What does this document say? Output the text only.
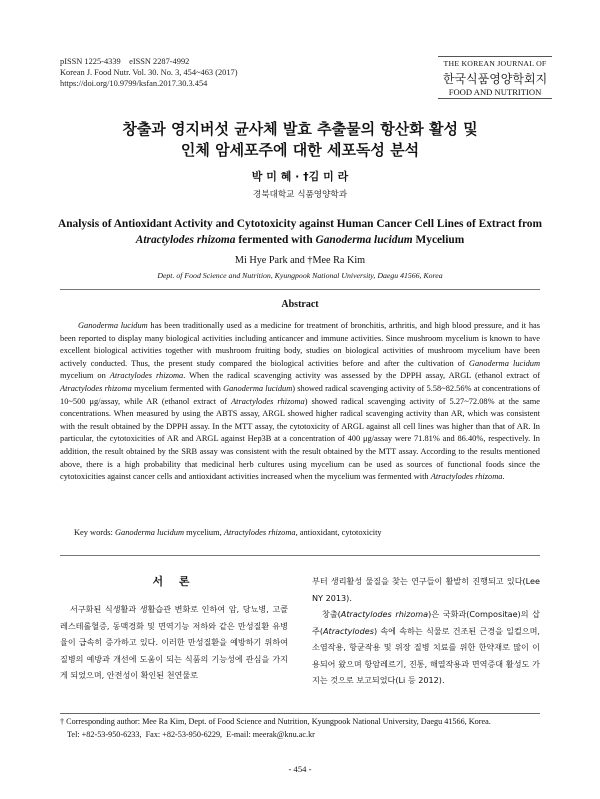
pISSN 1225-4339    eISSN 2287-4992
Korean J. Food Nutr. Vol. 30. No. 3, 454~463 (2017)
https://doi.org/10.9799/ksfan.2017.30.3.454
THE KOREAN JOURNAL OF
한국식품영양학회지
FOOD AND NUTRITION
창출과 영지버섯 균사체 발효 추출물의 항산화 활성 및
인체 암세포주에 대한 세포독성 분석
박 미 혜 · †김 미 라
경북대학교 식품영양학과
Analysis of Antioxidant Activity and Cytotoxicity against Human Cancer Cell Lines of Extract from
Atractylodes rhizoma fermented with Ganoderma lucidum Mycelium
Mi Hye Park and †Mee Ra Kim
Dept. of Food Science and Nutrition, Kyungpook National University, Daegu 41566, Korea
Abstract
Ganoderma lucidum has been traditionally used as a medicine for treatment of bronchitis, arthritis, and high blood pressure, and it has been reported to display many biological activities including anticancer and immune activities. Since mushroom mycelium is known to have excellent biological activities together with mushroom fruiting body, studies on biological activities of mushroom mycelium have been actively conducted. Thus, the present study compared the biological activities before and after the cultivation of Ganoderma lucidum mycelium on Atractylodes rhizoma. When the radical scavenging activity was assessed by the DPPH assay, ARGL (ethanol extract of Atractylodes rhizoma mycelium fermented with Ganoderma lucidum) showed radical scavenging activity of 5.58~82.56% at concentrations of 10~500 μg/assay, while AR (ethanol extract of Atractylodes rhizoma) showed radical scavenging activity of 5.27~72.08% at the same concentrations. When measured by using the ABTS assay, ARGL showed higher radical scavenging activity than AR, which was consistent with the result obtained by the DPPH assay. In the MTT assay, the cytotoxicity of ARGL against all cell lines was higher than that of AR. In particular, the cytotoxicities of AR and ARGL against Hep3B at a concentration of 400 μg/assay were 71.81% and 86.40%, respectively. In addition, the result obtained by the SRB assay was consistent with the result obtained by the MTT assay. According to the results mentioned above, there is a high probability that medicinal herb cultures using mycelium can be used as sources of functional foods since the cytotoxicities against cancer cells and antioxidant activities increased when the mycelium was fermented with Atractylodes rhizoma.
Key words: Ganoderma lucidum mycelium, Atractylodes rhizoma, antioxidant, cytotoxicity
서 론
서구화된 식생활과 생활습관 변화로 인하여 암, 당뇨병, 고콜레스테롤혈증, 동맥경화 및 면역기능 저하와 같은 만성질환 유병율이 급속히 증가하고 있다. 이러한 만성질환을 예방하기 위하여 질병의 예방과 개선에 도움이 되는 식품의 기능성에 관심을 가지게 되었으며, 안전성이 확인된 천연물로
부터 생리활성 물질을 찾는 연구들이 활발히 진행되고 있다(Lee NY 2013).
창출(Atractylodes rhizoma)은 국화과(Compositae)의 삽주(Atractylodes) 속에 속하는 식물로 건조된 근경을 일컬으며, 소염작용, 항균작용 및 위장 질병 치료를 위한 한약재로 많이 이용되어 왔으며 항암레르기, 진통, 해열작용과 면역증대 활성도 가지는 것으로 보고되었다(Li 등 2012).
† Corresponding author: Mee Ra Kim, Dept. of Food Science and Nutrition, Kyungpook National University, Daegu 41566, Korea.
Tel: +82-53-950-6233,  Fax: +82-53-950-6229,  E-mail: meerak@knu.ac.kr
- 454 -
